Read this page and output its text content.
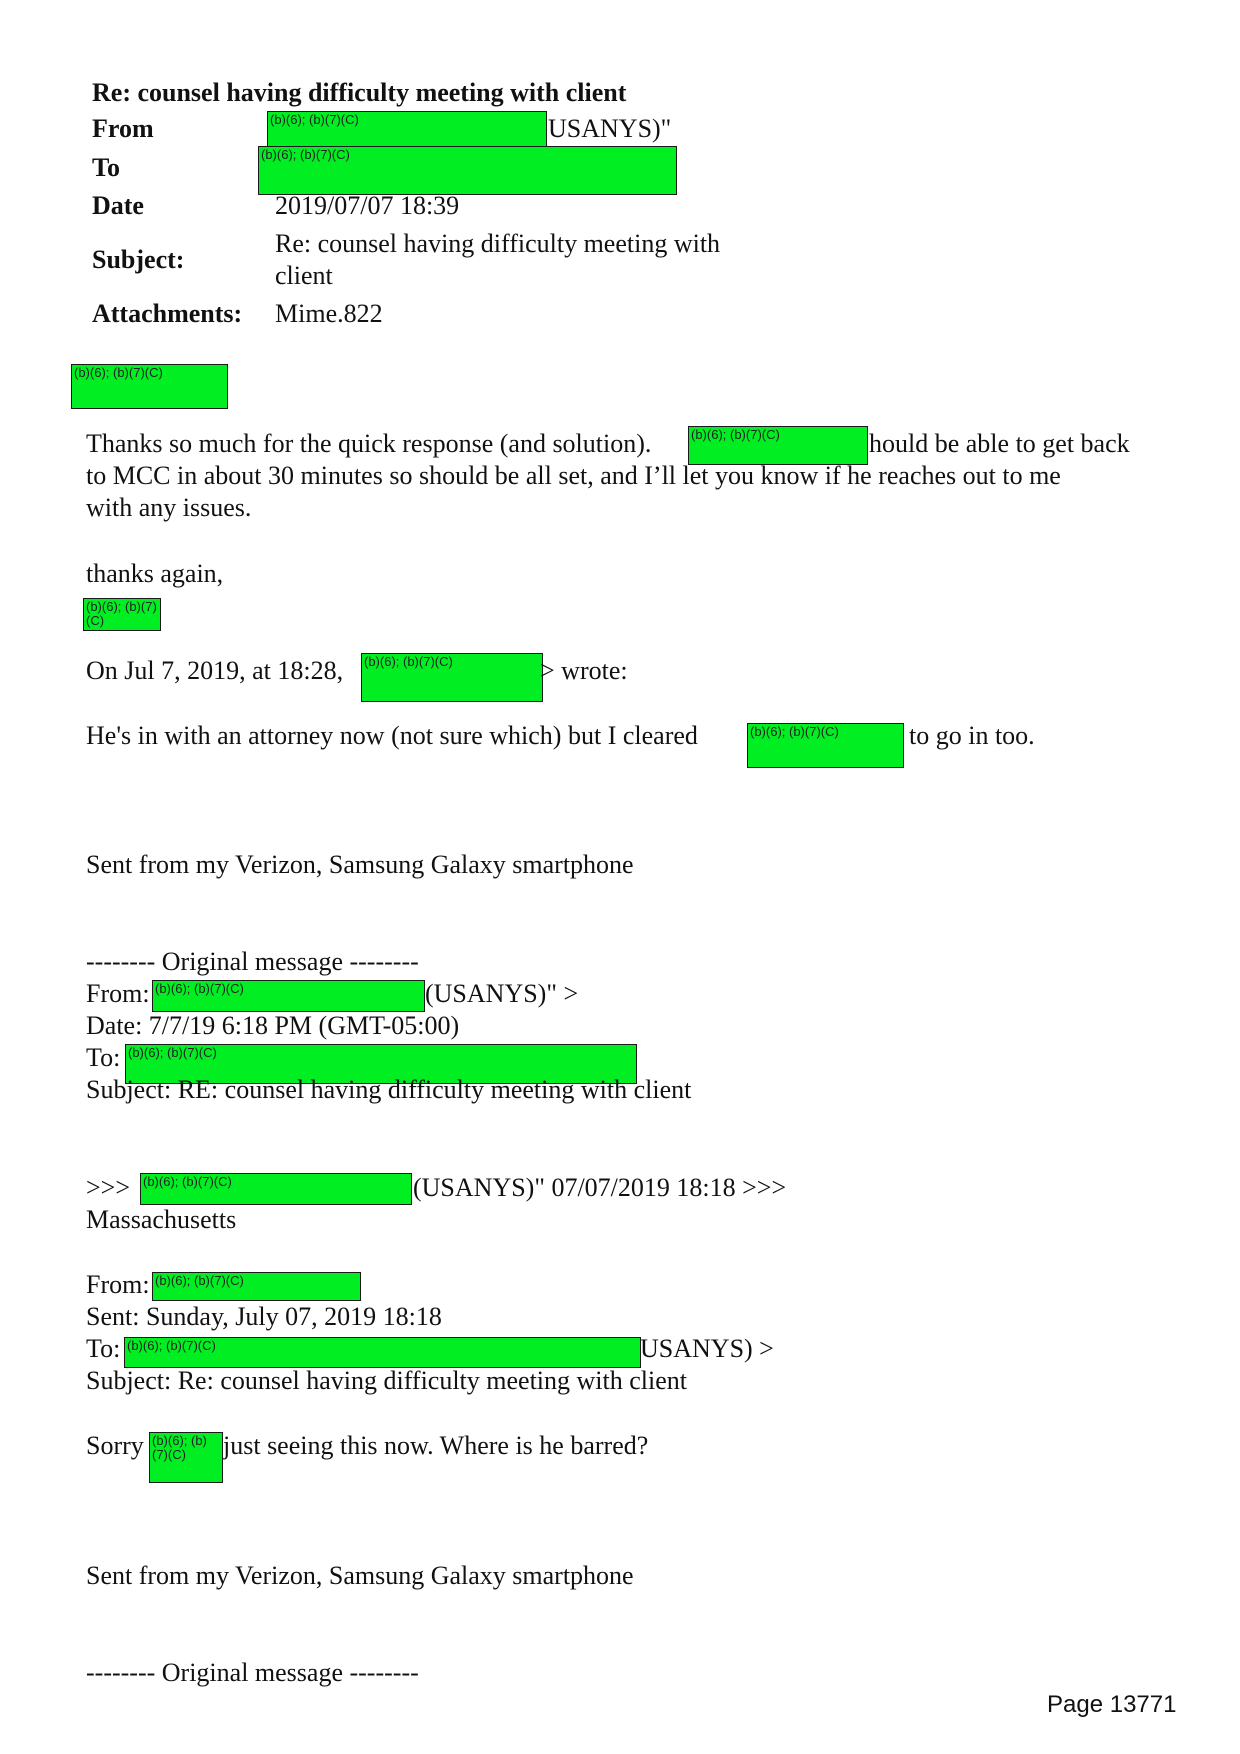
Re: counsel having difficulty meeting with client
From	(b)(6); (b)(7)(C)	USANYS)"
To	(b)(6); (b)(7)(C)
Date	2019/07/07 18:39
Subject:
Re: counsel having difficulty meeting with
client
Attachments: Mime.822
(b)(6); (b)(7)(C)
Thanks so much for the quick response (and solution).	(b)(6); (b)(7)(C)	hould be able to get back
to MCC in about 30 minutes so should be all set, and I’ll let you know if he reaches out to me
with any issues.
thanks again,
(b)(6); (b)(7)(C)
On Jul 7, 2019, at 18:28, (b)(6); (b)(7)(C)	> wrote:
He's in with an attorney now (not sure which) but I cleared	(b)(6); (b)(7)(C)	to go in too.
Sent from my Verizon, Samsung Galaxy smartphone
-------- Original message --------
From: (b)(6); (b)(7)(C)	(USANYS)" >
Date: 7/7/19 6:18 PM (GMT-05:00)
To: (b)(6); (b)(7)(C)
Subject: RE: counsel having difficulty meeting with client
>>> (b)(6); (b)(7)(C)	(USANYS)" 07/07/2019 18:18 >>>
Massachusetts
From: (b)(6); (b)(7)(C)
Sent: Sunday, July 07, 2019 18:18
To: (b)(6); (b)(7)(C)	USANYS) >
Subject: Re: counsel having difficulty meeting with client
Sorry (b)(6); (b)(7)(C)	just seeing this now. Where is he barred?
Sent from my Verizon, Samsung Galaxy smartphone
-------- Original message --------
Page 13771
